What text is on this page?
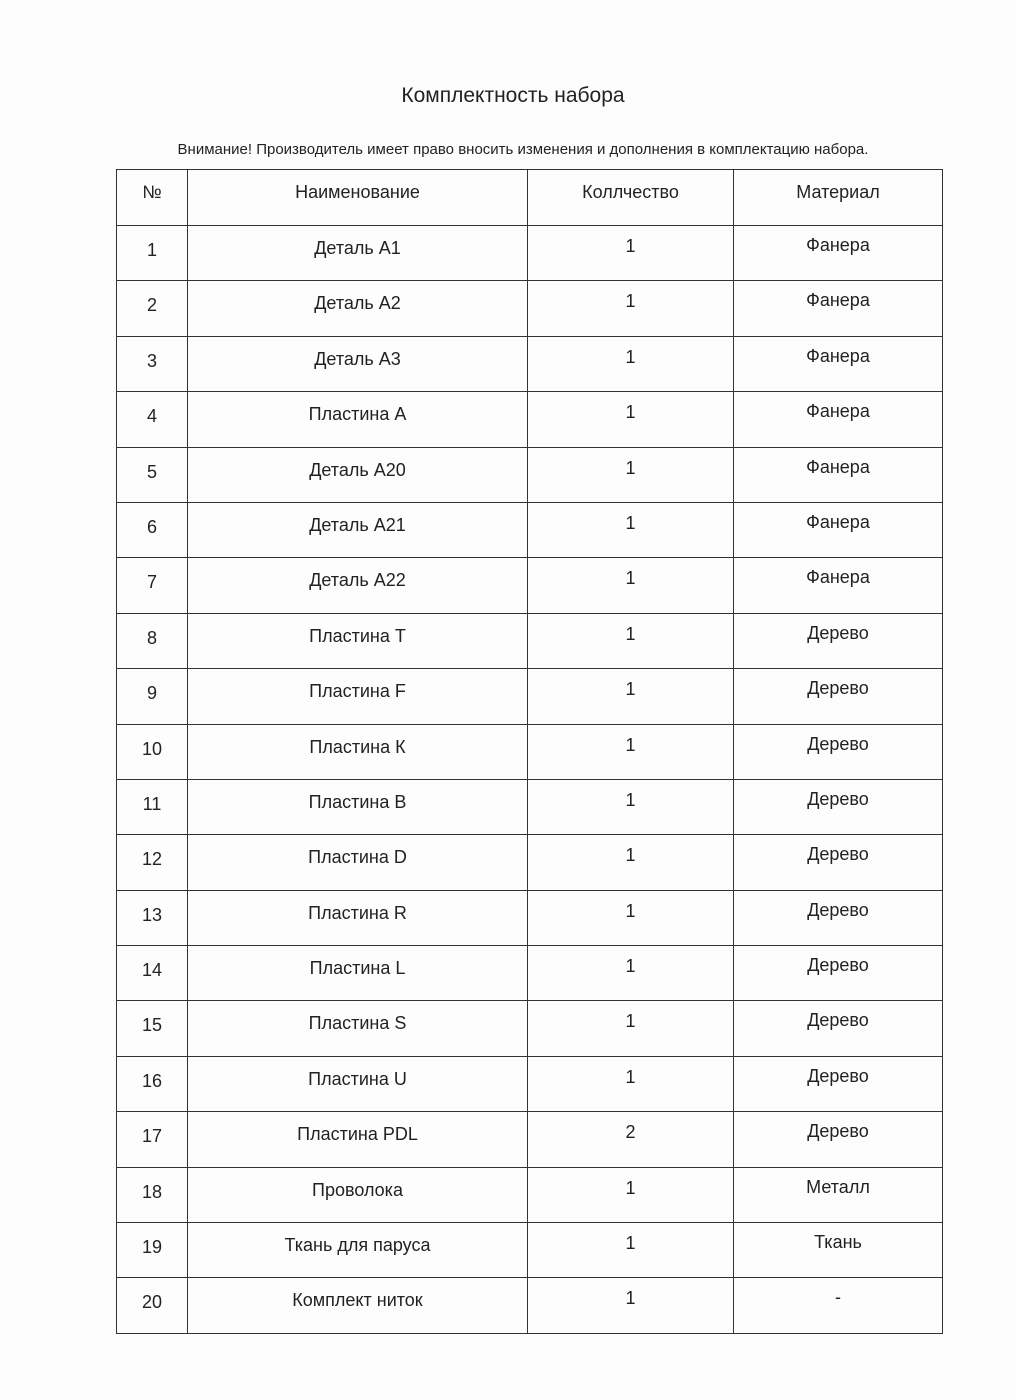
Комплектность набора
Внимание! Производитель имеет право вносить изменения и дополнения в комплектацию набора.
№	Наименование	Коллчество	Материал
1	Деталь А1	1	Фанера
2	Деталь А2	1	Фанера
3	Деталь А3	1	Фанера
4	Пластина А	1	Фанера
5	Деталь А20	1	Фанера
6	Деталь А21	1	Фанера
7	Деталь А22	1	Фанера
8	Пластина Т	1	Дерево
9	Пластина F	1	Дерево
10	Пластина К	1	Дерево
11	Пластина В	1	Дерево
12	Пластина D	1	Дерево
13	Пластина R	1	Дерево
14	Пластина L	1	Дерево
15	Пластина S	1	Дерево
16	Пластина U	1	Дерево
17	Пластина PDL	2	Дерево
18	Проволока	1	Металл
19	Ткань для паруса	1	Ткань
20	Комплект ниток	1	-
